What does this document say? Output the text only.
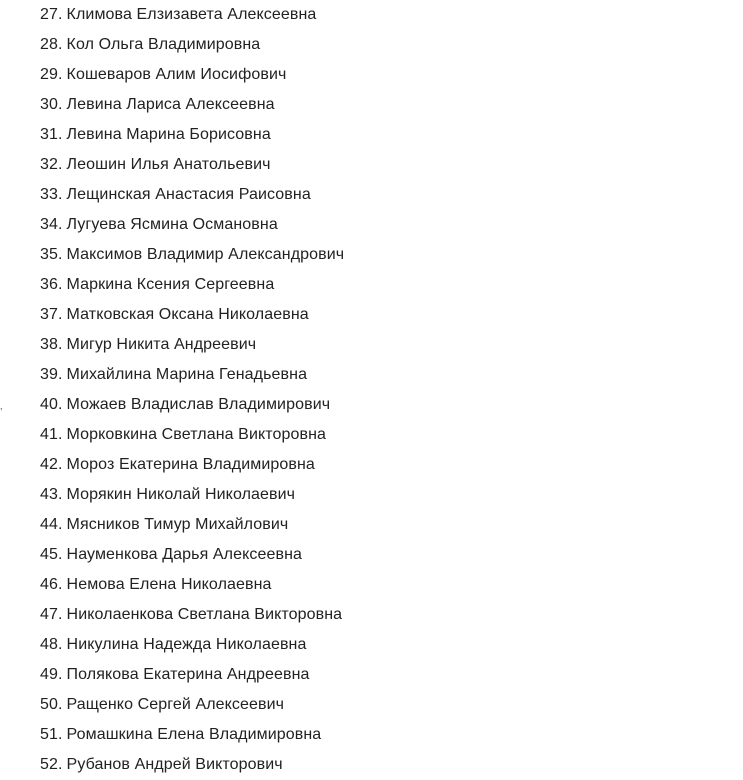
27. Климова Елзизавета Алексеевна
28. Кол Ольга Владимировна
29. Кошеваров Алим Иосифович
30. Левина Лариса Алексеевна
31. Левина Марина Борисовна
32. Леошин Илья Анатольевич
33. Лещинская Анастасия Раисовна
34. Лугуева Ясмина Османовна
35. Максимов Владимир Александрович
36. Маркина Ксения Сергеевна
37. Матковская Оксана Николаевна
38. Мигур Никита Андреевич
39. Михайлина Марина Генадьевна
40. Можаев Владислав Владимирович
41. Морковкина Светлана Викторовна
42. Мороз Екатерина Владимировна
43. Морякин Николай Николаевич
44. Мясников Тимур Михайлович
45. Науменкова Дарья Алексеевна
46. Немова Елена Николаевна
47. Николаенкова Светлана Викторовна
48. Никулина Надежда Николаевна
49. Полякова Екатерина Андреевна
50. Ращенко Сергей Алексеевич
51. Ромашкина Елена Владимировна
52. Рубанов Андрей Викторович
,
